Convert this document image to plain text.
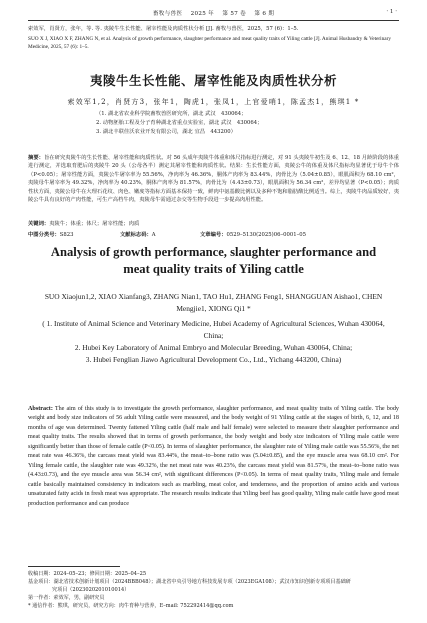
畜牧与兽医 2025 年 第 57 卷 第 6 期	· 1 ·
索效军，肖贤方，张年，等. 等. 夷陵牛生长性能、屠宰性能及肉质性状分析 [J]. 畜牧与兽医，2025，57 (6)：1–5.
SUO X J, XIAO X F, ZHANG N, et al. Analysis of growth performance, slaughter performance and meat quality traits of Yiling cattle [J]. Animal Husbandry & Veterinary Medicine, 2025, 57 (6): 1–5.
夷陵牛生长性能、屠宰性能及肉质性状分析
索效军1,2，肖贤方3，张年1，陶虎1，张凤1，上官爱哨1，陈孟杰1，熊琪1 *
（1. 湖北省农业科学院畜牧兽医研究所，湖北 武汉　430064；
2. 动物胚胎工程及分子育种湖北省重点实验室，湖北 武汉　430064；
3. 湖北丰联佳沃农业开发有限公司，湖北 宜昌　443200）
摘要：旨在研究夷陵牛的生长性能、屠宰性能和肉质性状。对 56 头成年夷陵牛体重和体尺指标进行测定，对 91 头夷陵牛初生及 6、12、18 月龄阶段的体重进行测定，并选取育肥后的夷陵牛 20 头（公母各半）测定其屠宰性能和肉质性状。结果：生长性能方面，夷陵公牛的体重及体尺指标均显著优于母牛个体（P<0.05）；屠宰性能方面，夷陵公牛屠宰率为 55.56%，净肉率为 46.36%，胴体产肉率为 83.44%，肉骨比为（5.04±0.85），眼肌面积为 68.10 cm²，夷陵母牛屠宰率为 49.32%，净肉率为 40.23%，胴体产肉率为 81.57%，肉骨比为（4.43±0.73），眼肌面积为 56.34 cm²，差异均显著（P<0.05）；肉质性状方面，夷陵公母牛在大理石花纹、肉色、嫩度等指标方面基本保持一致，鲜肉中氨基酸比例以及多种不饱和脂肪酸比例适当。综上，夷陵牛肉品质较好，夷陵公牛具有良好的产肉性能，可生产高档牛肉，夷陵母牛需通过杂交等生物手段进一步提高肉用性能。
关键词：夷陵牛；体重；体尺；屠宰性能；肉质
中图分类号：S823	文献标志码：A	文章编号：0529–5130(2025)06–0001–05
Analysis of growth performance, slaughter performance and meat quality traits of Yiling cattle
SUO Xiaojun1,2, XIAO Xianfang3, ZHANG Nian1, TAO Hu1, ZHANG Feng1, SHANGGUAN Aishao1, CHEN Mengjie1, XIONG Qi1 *
( 1. Institute of Animal Science and Veterinary Medicine, Hubei Academy of Agricultural Sciences, Wuhan 430064, China;
2. Hubei Key Laboratory of Animal Embryo and Molecular Breeding, Wuhan 430064, China;
3. Hubei Fenglian Jiawo Agricultural Development Co., Ltd., Yichang 443200, China)
Abstract: The aim of this study is to investigate the growth performance, slaughter performance, and meat quality traits of Yiling cattle. The body weight and body size indicators of 56 adult Yiling cattle were measured, and the body weight of 91 Yiling cattle at the stages of birth, 6, 12, and 18 months of age was determined. Twenty fattened Yiling cattle (half male and half female) were selected to measure their slaughter performance and meat quality traits. The results showed that in terms of growth performance, the body weight and body size indicators of Yiling male cattle were significantly better than those of female cattle (P<0.05). In terms of slaughter performance, the slaughter rate of Yiling male cattle was 55.56%, the net meat rate was 46.36%, the carcass meat yield was 83.44%, the meat–to–bone ratio was (5.04±0.85), and the eye muscle area was 68.10 cm². For Yiling female cattle, the slaughter rate was 49.32%, the net meat rate was 40.23%, the carcass meat yield was 81.57%, the meat–to–bone ratio was (4.43±0.73), and the eye muscle area was 56.34 cm², with significant differences (P<0.05). In terms of meat quality traits, Yiling male and female cattle basically maintained consistency in indicators such as marbling, meat color, and tenderness, and the proportion of amino acids and various unsaturated fatty acids in fresh meat was appropriate. The research results indicate that Yiling beef has good quality, Yiling male cattle have good meat production performance and can produce
收稿日期：2024–05–23；修回日期：2025–04–25
基金项目：湖北省技术创新计划项目（2024BBB048）；湖北省中央引导地方科技发展专项（2023EGA108）；武汉市知识创新专项项目基础研
究项目（2023020201010014）
第一作者：索效军，男，副研究员
* 通信作者：熊琪，研究员，研究方向：肉牛育种与营养，E–mail: 752292414@qq.com
